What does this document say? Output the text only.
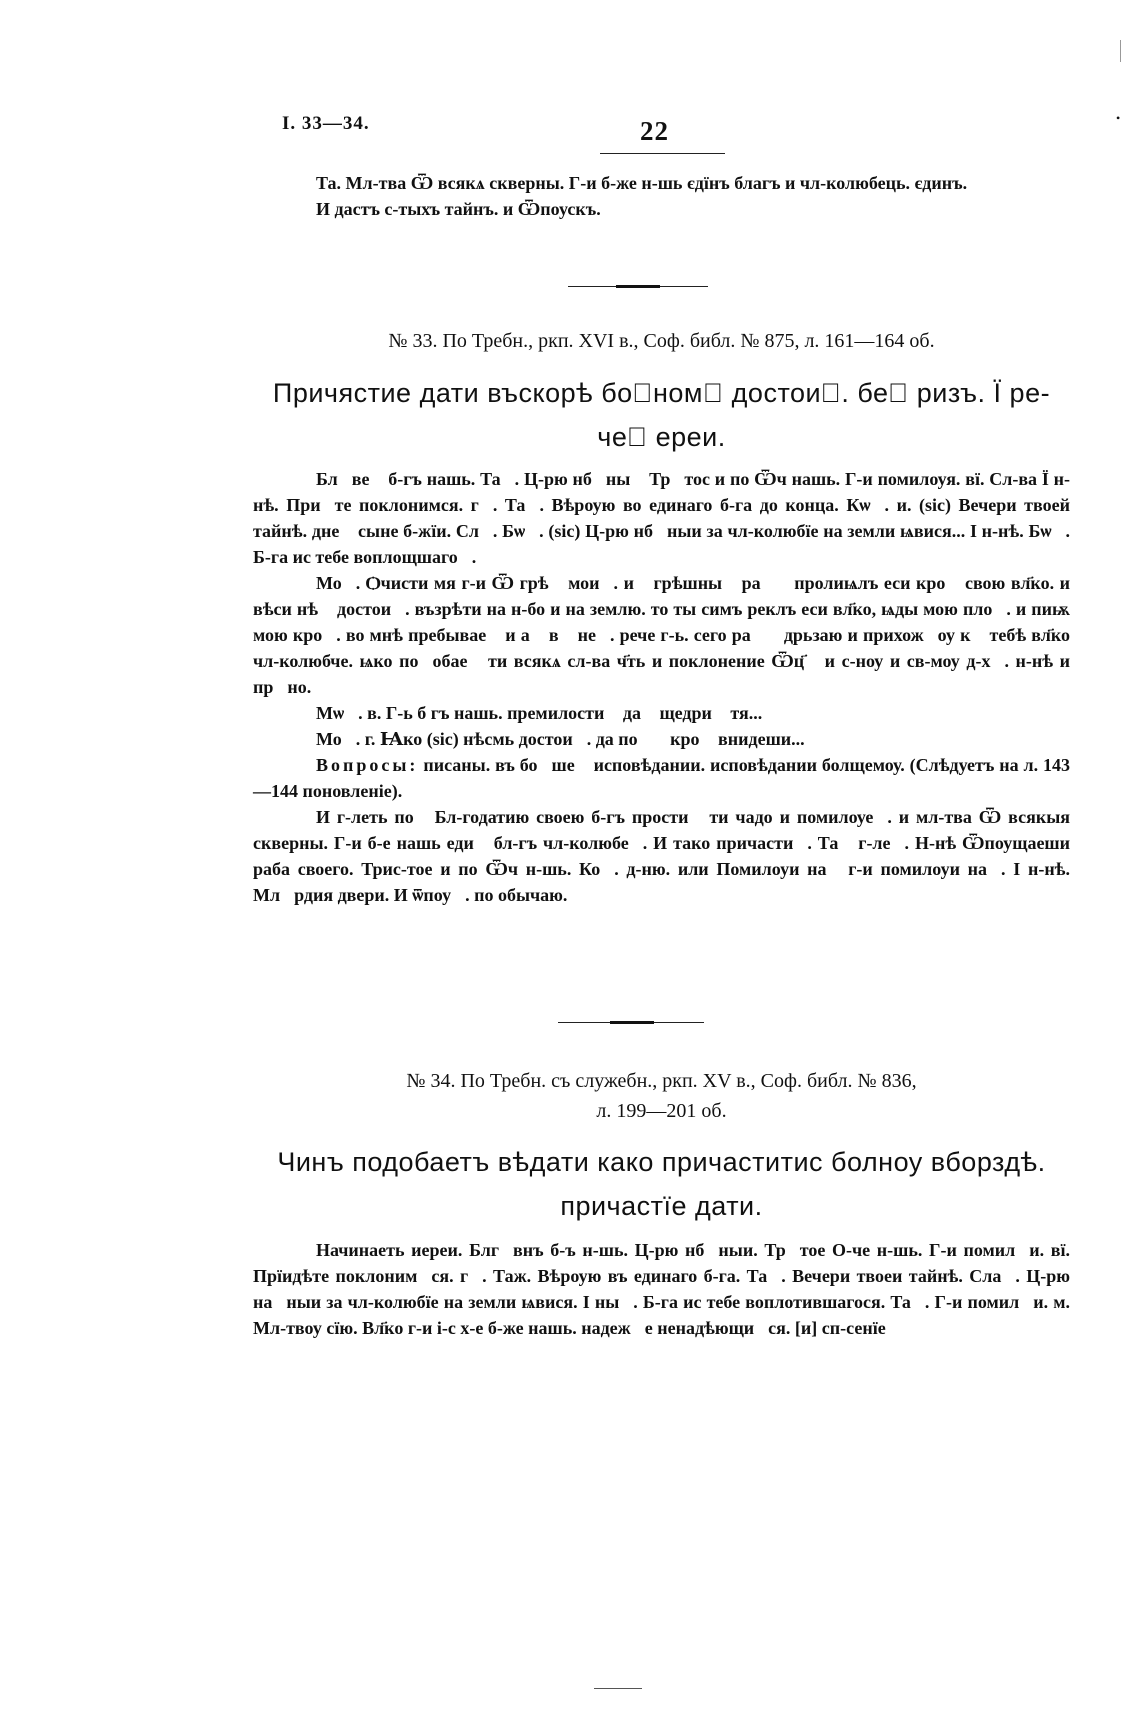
•
I. 33—34.	22

Та. Мл-тва Ѿ всякѧ скверны. Г-и б-же н-шь єдїнъ благъ и чл-колюбець. єдинъ.

И дастъ с-тыхъ тайнъ. и Ѿпоускъ.

№ 33. По Требн., ркп. XVI в., Соф. библ. № 875, л. 161—164 об.
Причястие дати въскорѣ боⷧномꙋ достоиⷮ. беⷥ ризъ. Ї ре-
чеⷮ ереи.

Блⷭвеⷩ б-гъ нашь. Таⷤ. Ц-рю нбⷭныⷨ Трⷭтос и по Ѿч нашь. Г-и помилоуя. вї. Сл-ва Ї н-нѣ. Приⷣте поклонимся. гⷨ. Таⷤ. Вѣроую во единаго б-га до конца. Кѡⷰ. и. (sic) Вечери твоей тайнѣ. днеⷭ сыне б-жїи. Слⷡ. Бѡⷢ. (sic) Ц-рю нбⷭныи за чл-колюбїе на земли ѩвися... І н-нѣ. Бѡⷢ. Б-га ис тебе воплощшагоⷭ.

Моⷧ. Ѻчисти мя г-и Ѿ грѣⷯ моиⷯ. иⷨ грѣшныⷯ раⷣⷨ пролиѩлъ еси кроⷡ свою вл҃ко. и вѣси нѣⷨ достоиⷩ. възрѣти на н-бо и на землю. то ты симъ реклъ еси вл҃ко, ѩды мою плоⷮ. и пиѭ мою кроⷡ. во мнѣ пребываеⷮ и аⷥ вⷥ неⷨ. рече г-ь. сего раⷣⷨ дрьзаю и прихожⷣоу кⷥ тебѣ вл҃ко чл-колюбче. ѩко поⷦобаеⷮ ти всякѧ сл-ва ч҃ть и поклонение Ѿц҃ꙋ и с-ноу и св-моу д-хꙋ. н-нѣ и прⷭно.

Мѡⷧ. в. Г-ь б гъ нашь. премилостиⷡ да ꙋщедриⷮ тя...

Моⷧ. г. Ꙗко (sic) нѣсмь достоиⷩ. да поⷣⷪ кроⷡ внидеши...

Вопросы: писаны. въ боⷧшеⷨ исповѣдании. исповѣдании болщемоу. (Слѣдуетъ на л. 143—144 поновленіе).

И г-леть поⷫ Бл-годатию своею б-гъ простиⷮ ти чадо и помилоуеⷮ. и мл-тва Ѿ всякыя скверны. Г-и б-е нашь еди‍ⷩ бл-гъ чл-колюбеⷰ. И тако причастиⷮ. Таⷤ г-леⷮ. Н-нѣ Ѿпоущаеши раба своего. Трис-тое и по Ѿч н-шь. Коⷩ. д-ню. или Помилоуи наⷭ г-и помилоуи наⷭ. І н-нѣ. Млⷭрдия двери. И ѿпоуⷭ. по обычаю.

№ 34. По Требн. съ служебн., ркп. XV в., Соф. библ. № 836,
л. 199—201 об.
Чинъ подобаетъ вѣдати како причаститис болноу вборздѣ.
причастїе дати.

Начинаеть иереи. Блгⷭвнъ б-ъ н-шь. Ц-рю нбⷭныи. Трⷭтое О-че н-шь. Г-и помилꙋи. вї. Прїидѣте поклонимⷭся. гⷨ. Таж. Вѣроую въ единаго б-га. Таⷤ. Вечери твоеи тайнѣ. Слаⷡ. Ц-рю наⷭныи за чл-колюбїе на земли ѩвися. І ныⷩ. Б-га ис тебе воплотившагося. Таⷤ. Г-и помилꙋи. м. Мл-твоу сїю. Вл҃ко г-и і-с х-е б-же нашь. надежⷣе ненадѣющиⷨся. [и] сп-сенїе
